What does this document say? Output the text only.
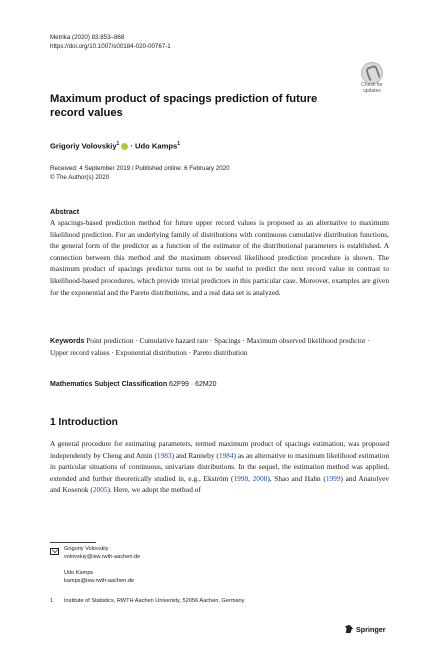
Metrika (2020) 83:853–868
https://doi.org/10.1007/s00184-020-00767-1
Check for
updates
Maximum product of spacings prediction of future record values
Grigoriy Volovskiy$^1$ · Udo Kamps$^1$
Received: 4 September 2019 / Published online: 6 February 2020
© The Author(s) 2020
Abstract
A spacings-based prediction method for future upper record values is proposed as an alternative to maximum likelihood prediction. For an underlying family of distributions with continuous cumulative distribution functions, the general form of the predictor as a function of the estimator of the distributional parameters is established. A connection between this method and the maximum observed likelihood prediction procedure is shown. The maximum product of spacings predictor turns out to be useful to predict the next record value in contrast to likelihood-based procedures, which provide trivial predictors in this particular case. Moreover, examples are given for the exponential and the Pareto distributions, and a real data set is analyzed.
Keywords Point prediction · Cumulative hazard rate · Spacings · Maximum observed likelihood predictor · Upper record values · Exponential distribution · Pareto distribution
Mathematics Subject Classification 62F99 · 62M20
1 Introduction
A general procedure for estimating parameters, termed maximum product of spacings estimation, was proposed independently by Cheng and Amin (1983) and Ranneby (1984) as an alternative to maximum likelihood estimation in particular situations of continuous, univariate distributions. In the sequel, the estimation method was applied, extended and further theoretically studied in, e.g., Ekström (1998, 2008), Shao and Hahn (1999) and Anatolyev and Kosenok (2005). Here, we adopt the method of
Grigoriy Volovskiy
volovskiy@isw.rwth-aachen.de
Udo Kamps
kamps@isw.rwth-aachen.de
1 Institute of Statistics, RWTH Aachen University, 52056 Aachen, Germany
Springer
